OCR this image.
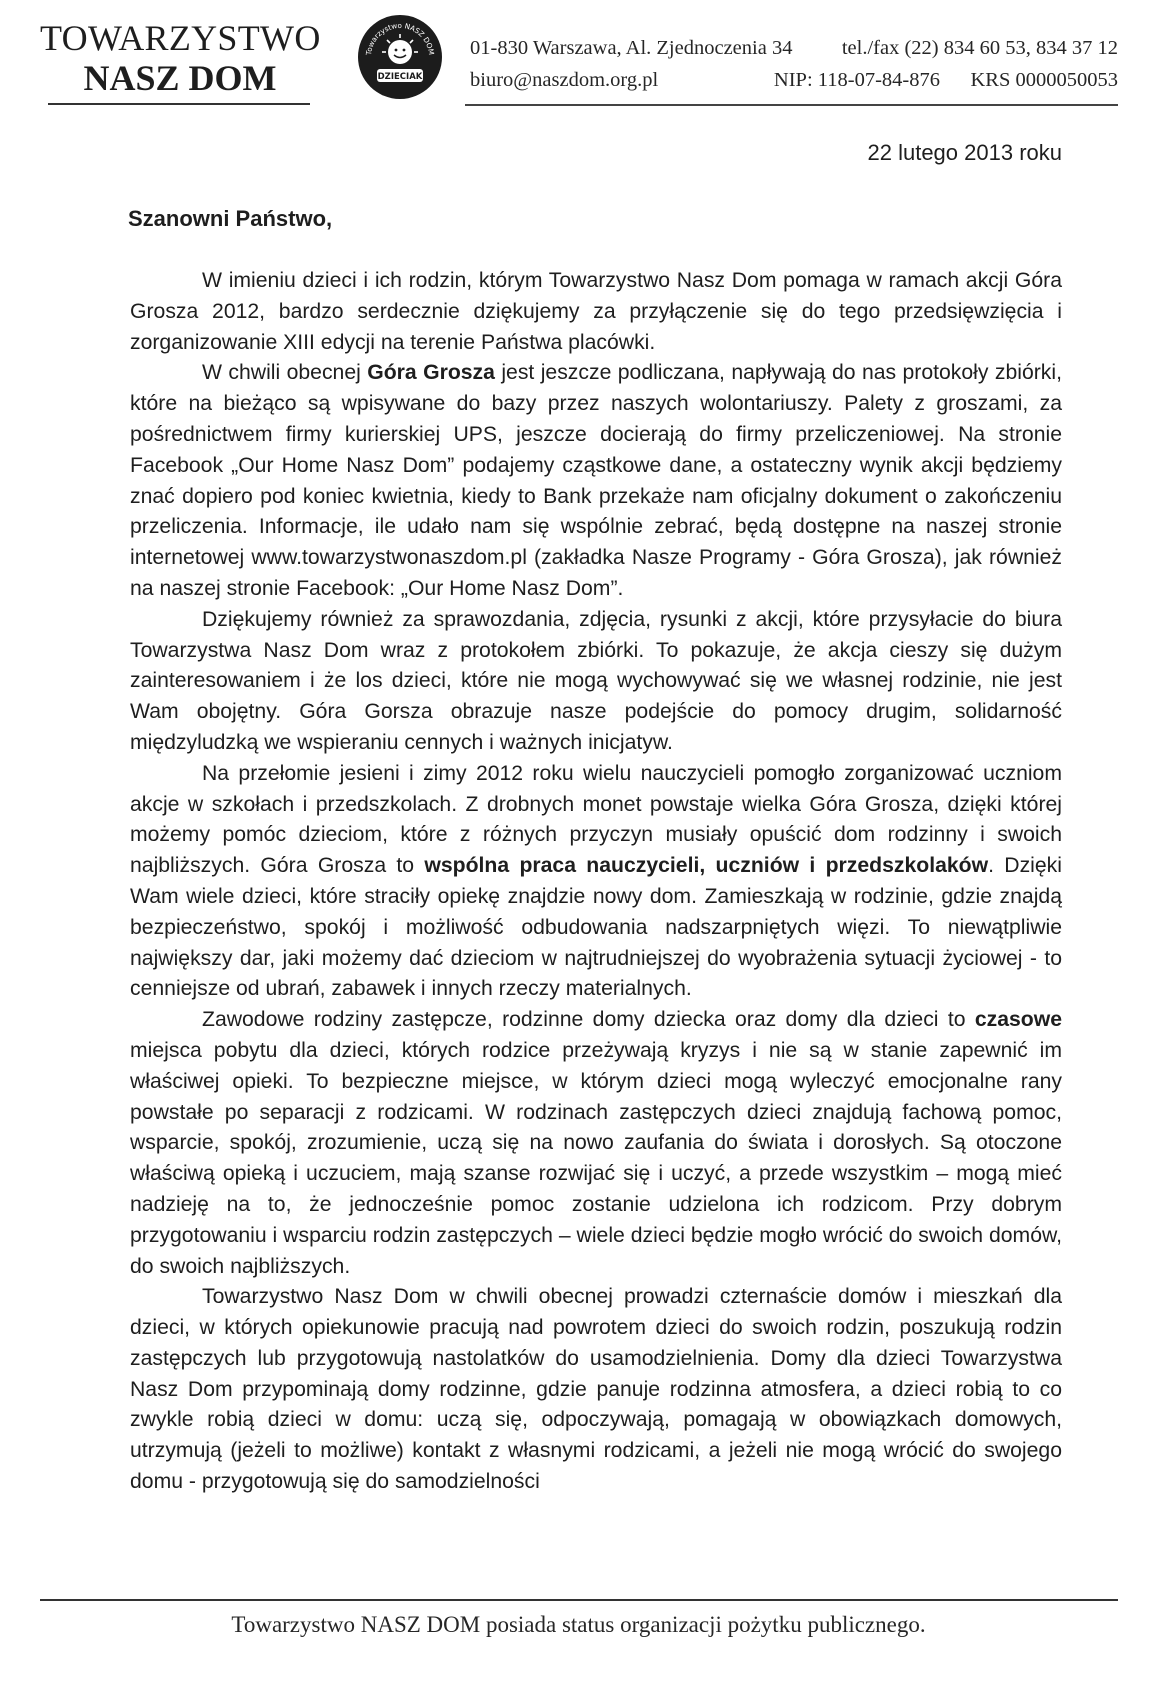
TOWARZYSTWO
NASZ DOM
Towarzystwo NASZ DOM
DZIECIAK
01-830 Warszawa, Al. Zjednoczenia 34
biuro@naszdom.org.pl	NIP: 118-07-84-876	KRS 0000050053
tel./fax (22) 834 60 53, 834 37 12
22 lutego 2013 roku
Szanowni Państwo,

W imieniu dzieci i ich rodzin, którym Towarzystwo Nasz Dom pomaga w ramach akcji Góra Grosza 2012, bardzo serdecznie dziękujemy za przyłączenie się do tego przedsięwzięcia i zorganizowanie XIII edycji na terenie Państwa placówki.

W chwili obecnej Góra Grosza jest jeszcze podliczana, napływają do nas protokoły zbiórki, które na bieżąco są wpisywane do bazy przez naszych wolontariuszy. Palety z groszami, za pośrednictwem firmy kurierskiej UPS, jeszcze docierają do firmy przeliczeniowej. Na stronie Facebook „Our Home Nasz Dom” podajemy cząstkowe dane, a ostateczny wynik akcji będziemy znać dopiero pod koniec kwietnia, kiedy to Bank przekaże nam oficjalny dokument o zakończeniu przeliczenia. Informacje, ile udało nam się wspólnie zebrać, będą dostępne na naszej stronie internetowej www.towarzystwonaszdom.pl (zakładka Nasze Programy - Góra Grosza), jak również na naszej stronie Facebook: „Our Home Nasz Dom”.

Dziękujemy również za sprawozdania, zdjęcia, rysunki z akcji, które przysyłacie do biura Towarzystwa Nasz Dom wraz z protokołem zbiórki. To pokazuje, że akcja cieszy się dużym zainteresowaniem i że los dzieci, które nie mogą wychowywać się we własnej rodzinie, nie jest Wam obojętny. Góra Gorsza obrazuje nasze podejście do pomocy drugim, solidarność międzyludzką we wspieraniu cennych i ważnych inicjatyw.

Na przełomie jesieni i zimy 2012 roku wielu nauczycieli pomogło zorganizować uczniom akcje w szkołach i przedszkolach. Z drobnych monet powstaje wielka Góra Grosza, dzięki której możemy pomóc dzieciom, które z różnych przyczyn musiały opuścić dom rodzinny i swoich najbliższych. Góra Grosza to wspólna praca nauczycieli, uczniów i przedszkolaków. Dzięki Wam wiele dzieci, które straciły opiekę znajdzie nowy dom. Zamieszkają w rodzinie, gdzie znajdą bezpieczeństwo, spokój i możliwość odbudowania nadszarpniętych więzi. To niewątpliwie największy dar, jaki możemy dać dzieciom w najtrudniejszej do wyobrażenia sytuacji życiowej - to cenniejsze od ubrań, zabawek i innych rzeczy materialnych.

Zawodowe rodziny zastępcze, rodzinne domy dziecka oraz domy dla dzieci to czasowe miejsca pobytu dla dzieci, których rodzice przeżywają kryzys i nie są w stanie zapewnić im właściwej opieki. To bezpieczne miejsce, w którym dzieci mogą wyleczyć emocjonalne rany powstałe po separacji z rodzicami. W rodzinach zastępczych dzieci znajdują fachową pomoc, wsparcie, spokój, zrozumienie, uczą się na nowo zaufania do świata i dorosłych. Są otoczone właściwą opieką i uczuciem, mają szanse rozwijać się i uczyć, a przede wszystkim – mogą mieć nadzieję na to, że jednocześnie pomoc zostanie udzielona ich rodzicom. Przy dobrym przygotowaniu i wsparciu rodzin zastępczych – wiele dzieci będzie mogło wrócić do swoich domów, do swoich najbliższych.

Towarzystwo Nasz Dom w chwili obecnej prowadzi czternaście domów i mieszkań dla dzieci, w których opiekunowie pracują nad powrotem dzieci do swoich rodzin, poszukują rodzin zastępczych lub przygotowują nastolatków do usamodzielnienia. Domy dla dzieci Towarzystwa Nasz Dom przypominają domy rodzinne, gdzie panuje rodzinna atmosfera, a dzieci robią to co zwykle robią dzieci w domu: uczą się, odpoczywają, pomagają w obowiązkach domowych, utrzymują (jeżeli to możliwe) kontakt z własnymi rodzicami, a jeżeli nie mogą wrócić do swojego domu - przygotowują się do samodzielności

Towarzystwo NASZ DOM posiada status organizacji pożytku publicznego.
